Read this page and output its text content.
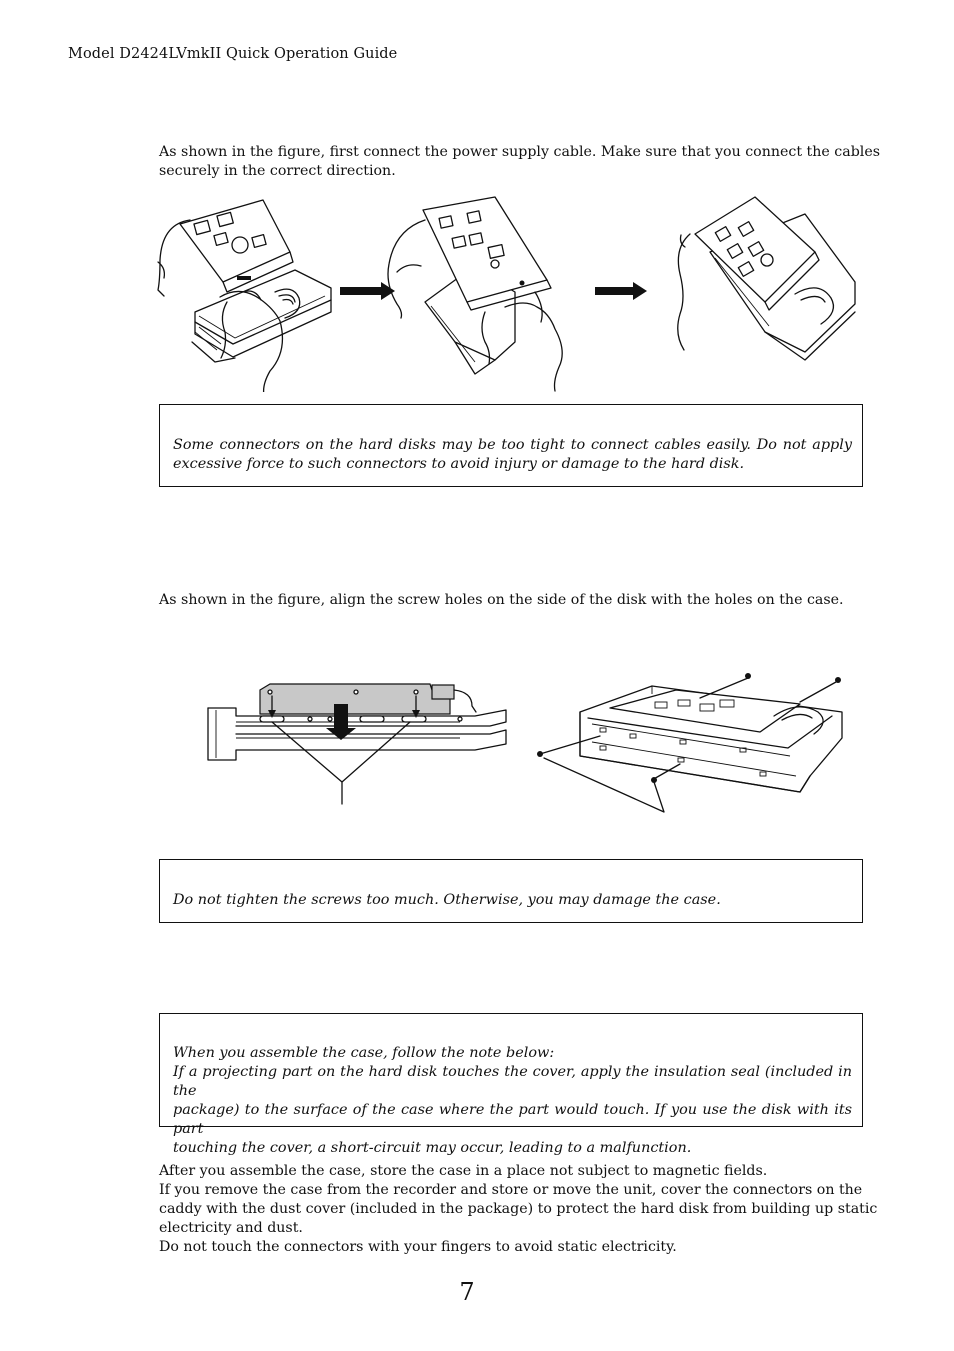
Model D2424LVmkII Quick Operation Guide
As shown in the figure, first connect the power supply cable. Make sure that you connect the cables
securely in the correct direction.
Some connectors on the hard disks may be too tight to connect cables easily. Do not apply
excessive force to such connectors to avoid injury or damage to the hard disk.
As shown in the figure, align the screw holes on the side of the disk with the holes on the case.
Do not tighten the screws too much. Otherwise, you may damage the case.
When you assemble the case, follow the note below:
If a projecting part on the hard disk touches the cover, apply the insulation seal (included in the
package) to the surface of the case where the part would touch. If you use the disk with its part
touching the cover, a short-circuit may occur, leading to a malfunction.
After you assemble the case, store the case in a place not subject to magnetic fields.
If you remove the case from the recorder and store or move the unit, cover the connectors on the
caddy with the dust cover (included in the package) to protect the hard disk from building up static
electricity and dust.
Do not touch the connectors with your fingers to avoid static electricity.
7
